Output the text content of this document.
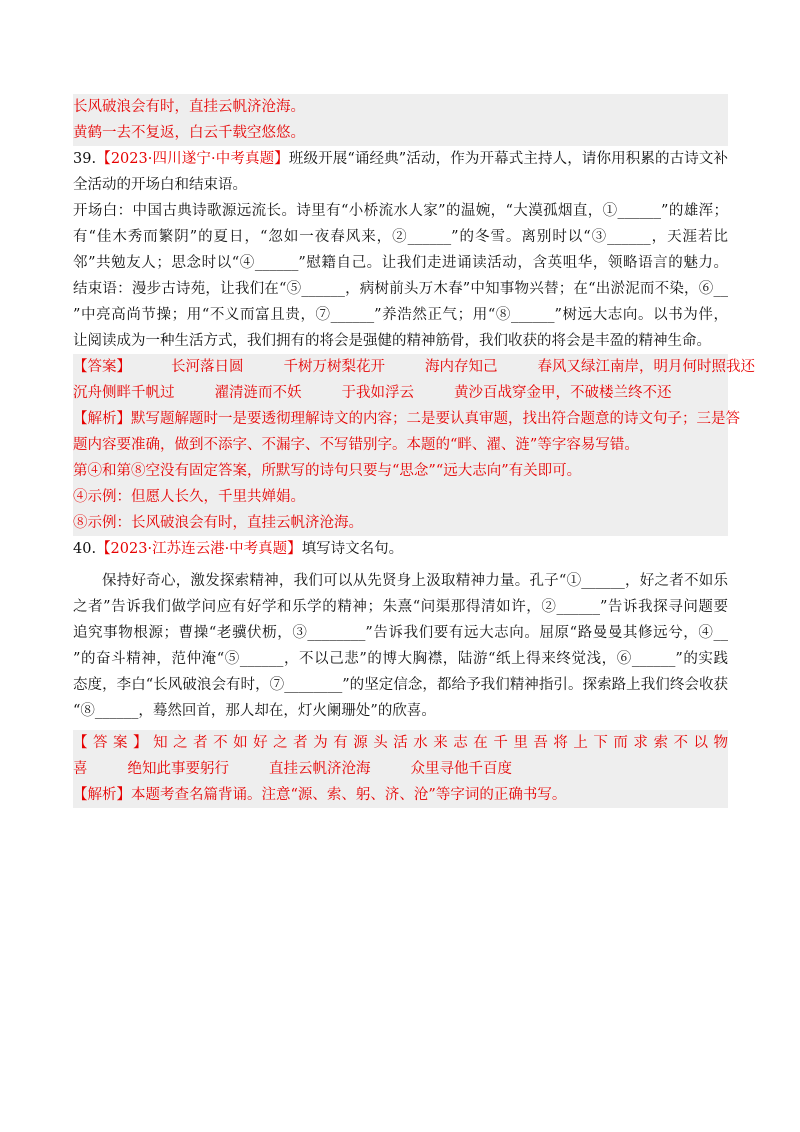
长风破浪会有时，直挂云帆济沧海。
黄鹤一去不复返，白云千载空悠悠。
39.【2023·四川遂宁·中考真题】班级开展“诵经典”活动，作为开幕式主持人，请你用积累的古诗文补
全活动的开场白和结束语。
开场白：中国古典诗歌源远流长。诗里有“小桥流水人家”的温婉，“大漠孤烟直，①______”的雄浑；
有“佳木秀而繁阴”的夏日，“忽如一夜春风来，②______”的冬雪。离别时以“③______，天涯若比
邻”共勉友人；思念时以“④______”慰籍自己。让我们走进诵读活动，含英咀华，领略语言的魅力。
结束语：漫步古诗苑，让我们在“⑤______，病树前头万木春”中知事物兴替；在“出淤泥而不染，⑥__
”中亮高尚节操；用“不义而富且贵，⑦______”养浩然正气；用“⑧______”树远大志向。以书为伴，
让阅读成为一种生活方式，我们拥有的将会是强健的精神筋骨，我们收获的将会是丰盈的精神生命。
【答案】	长河落日圆	千树万树梨花开	海内存知己	春风又绿江南岸，明月何时照我还
沉舟侧畔千帆过	濯清涟而不妖	于我如浮云	黄沙百战穿金甲，不破楼兰终不还
【解析】默写题解题时一是要透彻理解诗文的内容；二是要认真审题，找出符合题意的诗文句子；三是答
题内容要准确，做到不添字、不漏字、不写错别字。本题的“畔、濯、涟”等字容易写错。
第④和第⑧空没有固定答案，所默写的诗句只要与“思念”“远大志向”有关即可。
④示例：但愿人长久，千里共婵娟。
⑧示例：长风破浪会有时，直挂云帆济沧海。
40.【2023·江苏连云港·中考真题】填写诗文名句。
保持好奇心，激发探索精神，我们可以从先贤身上汲取精神力量。孔子“①______，好之者不如乐
之者”告诉我们做学问应有好学和乐学的精神；朱熹“问渠那得清如许，②______”告诉我探寻问题要
追究事物根源；曹操“老骥伏枥，③________”告诉我们要有远大志向。屈原“路曼曼其修远兮，④__
”的奋斗精神，范仲淹“⑤______，不以己悲”的博大胸襟，陆游“纸上得来终觉浅，⑥______”的实践
态度，李白“长风破浪会有时，⑦________”的坚定信念，都给予我们精神指引。探索路上我们终会收获
“⑧______，蓦然回首，那人却在，灯火阑珊处”的欣喜。
【答案】知之者不如好之者为有源头活水来志在千里吾将上下而求索不以物
喜	绝知此事要躬行	直挂云帆济沧海	众里寻他千百度
【解析】本题考查名篇背诵。注意“源、索、躬、济、沧”等字词的正确书写。
